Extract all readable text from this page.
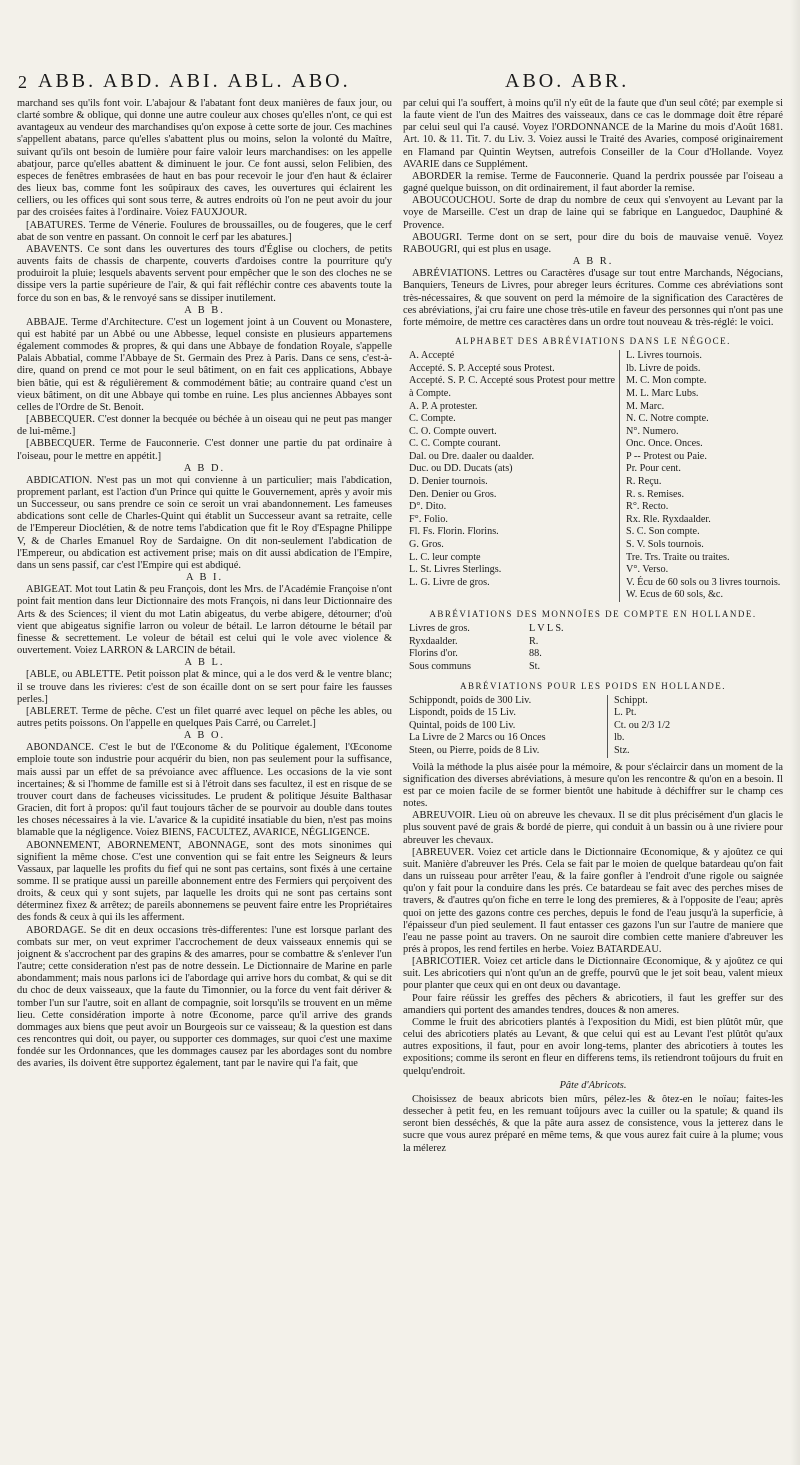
2 ABB. ABD. ABI. ABL. ABO.	ABO. ABR.

marchand ses qu'ils font voir. L'abajour & l'abatant font deux manières de faux jour, ou clarté sombre & oblique, qui donne une autre couleur aux choses qu'elles n'ont, ce qui est avantageux au vendeur des marchandises qu'on expose à cette sorte de jour. Ces machines s'appellent abatans, parce qu'elles s'abattent plus ou moins, selon la volonté du Maître, suivant qu'ils ont besoin de lumière pour faire valoir leurs marchandises: on les appelle abatjour, parce qu'elles abattent & diminuent le jour. Ce font aussi, selon Felibien, des especes de fenêtres embrasées de haut en bas pour recevoir le jour d'en haut & éclairer des lieux bas, comme font les soûpiraux des caves, les ouvertures qui éclairent les celliers, ou les offices qui sont sous terre, & autres endroits où l'on ne peut avoir du jour par des croisées faites à l'ordinaire. Voiez FAUXJOUR.

[ABATURES. Terme de Vénerie. Foulures de broussailles, ou de fougeres, que le cerf abat de son ventre en passant. On connoit le cerf par les abatures.]

ABAVENTS. Ce sont dans les ouvertures des tours d'Église ou clochers, de petits auvents faits de chassis de charpente, couverts d'ardoises contre la pourriture qu'y produiroit la pluie; lesquels abavents servent pour empêcher que le son des cloches ne se dissipe vers la partie supérieure de l'air, & qui fait réfléchir contre ces abavents toute la force du son en bas, & le renvoyé sans se dissiper inutilement.

A B B.

ABBAJE. Terme d'Architecture. C'est un logement joint à un Couvent ou Monastere, qui est habité par un Abbé ou une Abbesse, lequel consiste en plusieurs appartemens également commodes & propres, & qui dans une Abbaye de fondation Royale, s'appelle Palais Abbatial, comme l'Abbaye de St. Germain des Prez à Paris. Dans ce sens, c'est-à-dire, quand on prend ce mot pour le seul bâtiment, on en fait ces applications, Abbaye bien bâtie, qui est & régulièrement & commodément bâtie; au contraire quand c'est un vieux bâtiment, on dit une Abbaye qui tombe en ruine. Les plus anciennes Abbayes sont celles de l'Ordre de St. Benoit.

[ABBECQUER. C'est donner la becquée ou béchée à un oiseau qui ne peut pas manger de lui-même.]

[ABBECQUER. Terme de Fauconnerie. C'est donner une partie du pat ordinaire à l'oiseau, pour le mettre en appétit.]

A B D.

ABDICATION. N'est pas un mot qui convienne à un particulier; mais l'abdication, proprement parlant, est l'action d'un Prince qui quitte le Gouvernement, après y avoir mis un Successeur, ou sans prendre ce soin ce seroit un vrai abandonnement. Les fameuses abdications sont celle de Charles-Quint qui établit un Successeur avant sa retraite, celle de l'Empereur Dioclétien, & de notre tems l'abdication que fit le Roy d'Espagne Philippe V, & de Charles Emanuel Roy de Sardaigne. On dit non-seulement l'abdication de l'Empereur, ou abdication est activement prise; mais on dit aussi abdication de l'Empire, dans un sens passif, car c'est l'Empire qui est abdiqué.

A B I.

ABIGEAT. Mot tout Latin & peu François, dont les Mrs. de l'Académie Françoise n'ont point fait mention dans leur Dictionnaire des mots François, ni dans leur Dictionnaire des Arts & des Sciences; il vient du mot Latin abigeatus, du verbe abigere, détourner; d'où vient que abigeatus signifie larron ou voleur de bétail. Le larron détourne le bétail par finesse & secrettement. Le voleur de bétail est celui qui le vole avec violence & ouvertement. Voiez LARRON & LARCIN de bétail.

A B L.

[ABLE, ou ABLETTE. Petit poisson plat & mince, qui a le dos verd & le ventre blanc; il se trouve dans les rivieres: c'est de son écaille dont on se sert pour faire les fausses perles.]

[ABLERET. Terme de pêche. C'est un filet quarré avec lequel on pêche les ables, ou autres petits poissons. On l'appelle en quelques Pais Carré, ou Carrelet.]

A B O.

ABONDANCE. C'est le but de l'Œconome & du Politique également, l'Œconome emploie toute son industrie pour acquérir du bien, non pas seulement pour la suffisance, mais aussi par un effet de sa prévoiance avec affluence. Les occasions de la vie sont incertaines; & si l'homme de famille est si à l'étroit dans ses facultez, il est en risque de se trouver court dans de facheuses vicissitudes. Le prudent & politique Jésuite Balthasar Gracien, dit fort à propos: qu'il faut toujours tâcher de se pourvoir au double dans toutes les choses nécessaires à la vie. L'avarice & la cupidité insatiable du bien, n'est pas moins blamable que la négligence. Voiez BIENS, FACULTEZ, AVARICE, NÉGLIGENCE.

ABONNEMENT, ABORNEMENT, ABONNAGE, sont des mots sinonimes qui signifient la même chose. C'est une convention qui se fait entre les Seigneurs & leurs Vassaux, par laquelle les profits du fief qui ne sont pas certains, sont fixés à une certaine somme. Il se pratique aussi un pareille abonnement entre des Fermiers qui perçoivent des droits, & ceux qui y sont sujets, par laquelle les droits qui ne sont pas certains sont déterminez fixez & arrêtez; de pareils abonnemens se peuvent faire entre les Propriétaires des fonds & ceux à qui ils les afferment.

ABORDAGE. Se dit en deux occasions très-differentes: l'une est lorsque parlant des combats sur mer, on veut exprimer l'accrochement de deux vaisseaux ennemis qui se joignent & s'accrochent par des grapins & des amarres, pour se combattre & s'enlever l'un l'autre; cette consideration n'est pas de notre dessein. Le Dictionnaire de Marine en parle abondamment; mais nous parlons ici de l'abordage qui arrive hors du combat, & qui se dit du choc de deux vaisseaux, que la faute du Timonnier, ou la force du vent fait dériver & tomber l'un sur l'autre, soit en allant de compagnie, soit lorsqu'ils se trouvent en un même lieu. Cette considération importe à notre Œconome, parce qu'il arrive des grands dommages aux biens que peut avoir un Bourgeois sur ce vaisseau; & la question est dans ces rencontres qui doit, ou payer, ou supporter ces dommages, sur quoi c'est une maxime fondée sur les Ordonnances, que les dommages causez par les abordages sont du nombre des avaries, ils doivent être supportez également, tant par le navire qui l'a fait, que

par celui qui l'a souffert, à moins qu'il n'y eût de la faute que d'un seul côté; par exemple si la faute vient de l'un des Maitres des vaisseaux, dans ce cas le dommage doit être réparé par celui seul qui l'a causé. Voyez l'ORDONNANCE de la Marine du mois d'Août 1681. Art. 10. & 11. Tit. 7. du Liv. 3. Voiez aussi le Traité des Avaries, composé originairement en Flamand par Quintin Weytsen, autrefois Conseiller de la Cour d'Hollande. Voyez AVARIE dans ce Supplément.

ABORDER la remise. Terme de Fauconnerie. Quand la perdrix poussée par l'oiseau a gagné quelque buisson, on dit ordinairement, il faut aborder la remise.

ABOUCOUCHOU. Sorte de drap du nombre de ceux qui s'envoyent au Levant par la voye de Marseille. C'est un drap de laine qui se fabrique en Languedoc, Dauphiné & Provence.

ABOUGRI. Terme dont on se sert, pour dire du bois de mauvaise venuë. Voyez RABOUGRI, qui est plus en usage.

A B R.

ABRÉVIATIONS. Lettres ou Caractères d'usage sur tout entre Marchands, Négocians, Banquiers, Teneurs de Livres, pour abreger leurs écritures. Comme ces abréviations sont très-nécessaires, & que souvent on perd la mémoire de la signification des Caractères de ces abréviations, j'ai cru faire une chose très-utile en faveur des personnes qui n'ont pas une forte mémoire, de mettre ces caractères dans un ordre tout nouveau & très-réglé: le voici.

ALPHABET DES ABRÉVIATIONS DANS LE NÉGOCE.

A. Accepté
Accepté. S. P. Accepté sous Protest.
Accepté. S. P. C. Accepté sous Protest pour mettre à Compte.
A. P. A protester.
C. Compte.
C. O. Compte ouvert.
C. C. Compte courant.
Dal. ou Dre. daaler ou daalder.
Duc. ou DD. Ducats (ats)
D. Denier tournois.
Den. Denier ou Gros.
D°. Dito.
F°. Folio.
Fl. Fs. Florin. Florins.
G. Gros.
L. C. leur compte
L. St. Livres Sterlings.
L. G. Livre de gros.
L. Livres tournois.
lb. Livre de poids.
M. C. Mon compte.
M. L. Marc Lubs.
M. Marc.
N. C. Notre compte.
N°. Numero.
Onc. Once. Onces.
P -- Protest ou Paie.
Pr. Pour cent.
R. Reçu.
R. s. Remises.
R°. Recto.
Rx. Rle. Ryxdaalder.
S. C. Son compte.
S. V. Sols tournois.
Tre. Trs. Traite ou traites.
V°. Verso.
V. Écu de 60 sols ou 3 livres tournois.
W. Ecus de 60 sols, &c.

ABRÉVIATIONS DES MONNOÏES DE COMPTE EN HOLLANDE.

Livres de gros.	L V L S.
Ryxdaalder.	R.
Florins d'or.	88.
Sous communs	St.

ABRÉVIATIONS POUR LES POIDS EN HOLLANDE.

Schippondt, poids de 300 Liv.	Schippt.
Lispondt, poids de 15 Liv.	L. Pt.
Quintal, poids de 100 Liv.	Ct. ou 2/3 1/2
La Livre de 2 Marcs ou 16 Onces	lb.
Steen, ou Pierre, poids de 8 Liv.	Stz.

Voilà la méthode la plus aisée pour la mémoire, & pour s'éclaircir dans un moment de la signification des diverses abréviations, à mesure qu'on les rencontre & qu'on en a besoin. Il est par ce moien facile de se former bientôt une habitude à déchiffrer sur le champ ces notes.

ABREUVOIR. Lieu où on abreuve les chevaux. Il se dit plus précisément d'un glacis le plus souvent pavé de grais & bordé de pierre, qui conduit à un bassin ou à une riviere pour abreuver les chevaux.

[ABREUVER. Voiez cet article dans le Dictionnaire Œconomique, & y ajoûtez ce qui suit. Manière d'abreuver les Prés. Cela se fait par le moien de quelque batardeau qu'on fait dans un ruisseau pour arrêter l'eau, & la faire gonfler à l'endroit d'une rigole ou saignée qu'on y fait pour la conduire dans les prés. Ce batardeau se fait avec des perches mises de travers, & d'autres qu'on fiche en terre le long des premieres, & à l'opposite de l'eau; après quoi on jette des gazons contre ces perches, depuis le fond de l'eau jusqu'à la superficie, à l'épaisseur d'un pied seulement. Il faut entasser ces gazons l'un sur l'autre de maniere que l'eau ne passe point au travers. On ne sauroit dire combien cette maniere d'abreuver les prés à propos, les rend fertiles en herbe. Voiez BATARDEAU.

[ABRICOTIER. Voiez cet article dans le Dictionnaire Œconomique, & y ajoûtez ce qui suit. Les abricotiers qui n'ont qu'un an de greffe, pourvû que le jet soit beau, valent mieux pour planter que ceux qui en ont deux ou davantage.

Pour faire réüssir les greffes des pêchers & abricotiers, il faut les greffer sur des amandiers qui portent des amandes tendres, douces & non ameres.

Comme le fruit des abricotiers plantés à l'exposition du Midi, est bien plûtôt mûr, que celui des abricotiers platés au Levant, & que celui qui est au Levant l'est plûtôt qu'aux autres expositions, il faut, pour en avoir long-tems, planter des abricotiers à toutes les expositions; comme ils seront en fleur en differens tems, ils retiendront toûjours du fruit en quelqu'endroit.

Pâte d'Abricots.

Choisissez de beaux abricots bien mûrs, pélez-les & ôtez-en le noïau; faites-les dessecher à petit feu, en les remuant toûjours avec la cuiller ou la spatule; & quand ils seront bien desséchés, & que la pâte aura assez de consistence, vous la jetterez dans le sucre que vous aurez préparé en même tems, & que vous aurez fait cuire à la plume; vous la mélerez
